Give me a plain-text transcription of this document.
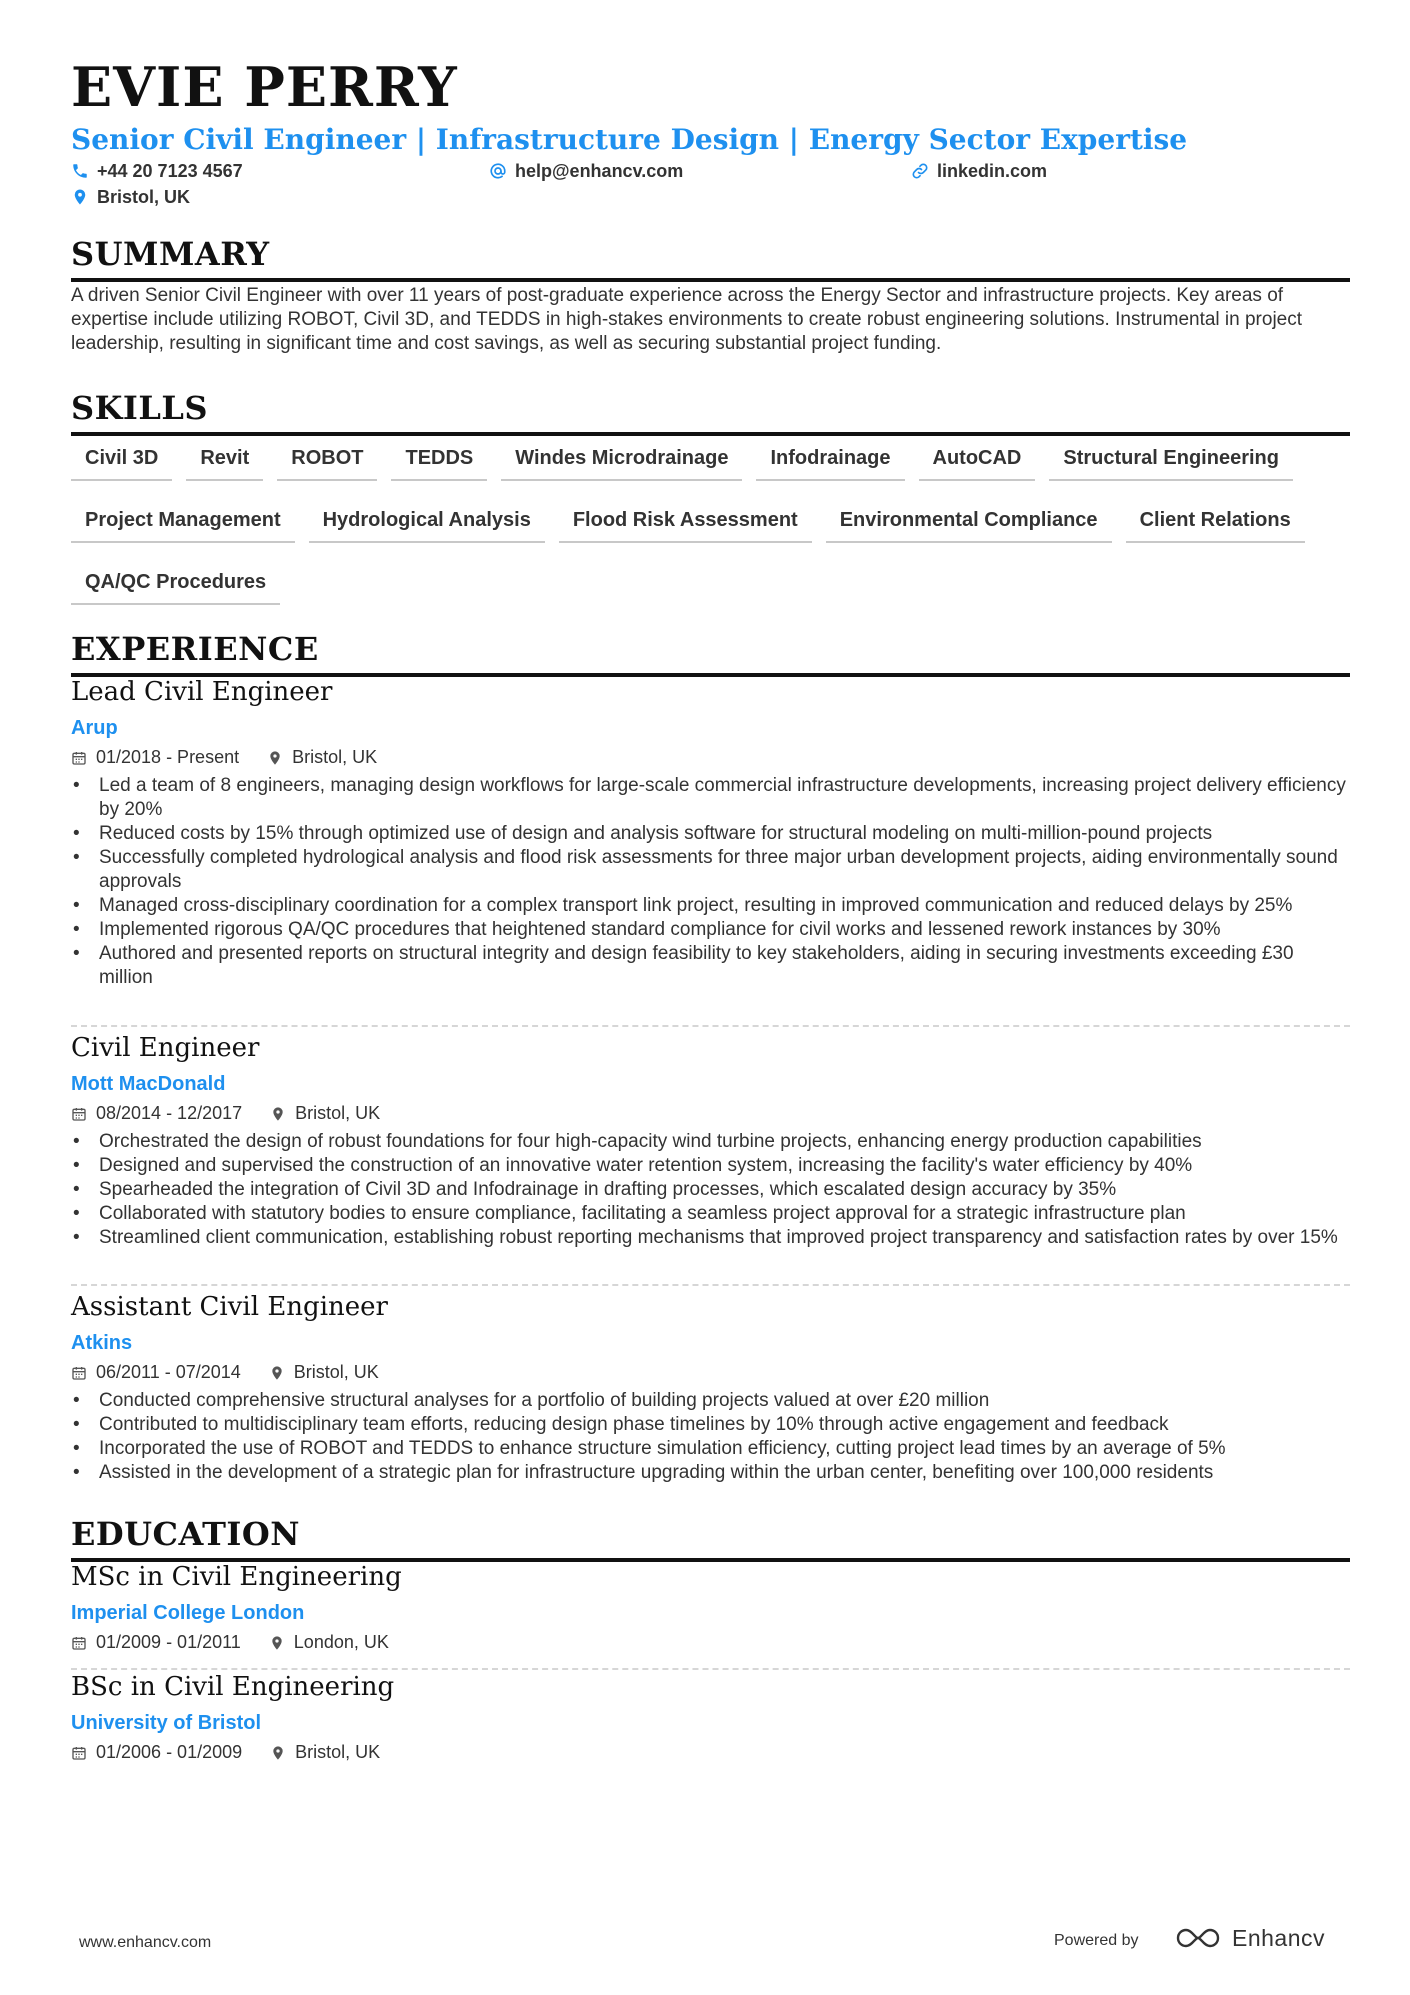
EVIE PERRY
Senior Civil Engineer | Infrastructure Design | Energy Sector Expertise
+44 20 7123 4567	help@enhancv.com	linkedin.com
Bristol, UK
SUMMARY

A driven Senior Civil Engineer with over 11 years of post-graduate experience across the Energy Sector and infrastructure projects. Key areas of expertise include utilizing ROBOT, Civil 3D, and TEDDS in high-stakes environments to create robust engineering solutions. Instrumental in project leadership, resulting in significant time and cost savings, as well as securing substantial project funding.

SKILLS
Civil 3D	Revit	ROBOT	TEDDS	Windes Microdrainage	Infodrainage	AutoCAD	Structural Engineering
Project Management	Hydrological Analysis	Flood Risk Assessment	Environmental Compliance	Client Relations
QA/QC Procedures
EXPERIENCE
Lead Civil Engineer
Arup
01/2018 - Present	Bristol, UK
• Led a team of 8 engineers, managing design workflows for large-scale commercial infrastructure developments, increasing project delivery efficiency by 20%
• Reduced costs by 15% through optimized use of design and analysis software for structural modeling on multi-million-pound projects
• Successfully completed hydrological analysis and flood risk assessments for three major urban development projects, aiding environmentally sound approvals
• Managed cross-disciplinary coordination for a complex transport link project, resulting in improved communication and reduced delays by 25%
• Implemented rigorous QA/QC procedures that heightened standard compliance for civil works and lessened rework instances by 30%
• Authored and presented reports on structural integrity and design feasibility to key stakeholders, aiding in securing investments exceeding £30 million
Civil Engineer
Mott MacDonald
08/2014 - 12/2017	Bristol, UK
• Orchestrated the design of robust foundations for four high-capacity wind turbine projects, enhancing energy production capabilities
• Designed and supervised the construction of an innovative water retention system, increasing the facility's water efficiency by 40%
• Spearheaded the integration of Civil 3D and Infodrainage in drafting processes, which escalated design accuracy by 35%
• Collaborated with statutory bodies to ensure compliance, facilitating a seamless project approval for a strategic infrastructure plan
• Streamlined client communication, establishing robust reporting mechanisms that improved project transparency and satisfaction rates by over 15%
Assistant Civil Engineer
Atkins
06/2011 - 07/2014	Bristol, UK
• Conducted comprehensive structural analyses for a portfolio of building projects valued at over £20 million
• Contributed to multidisciplinary team efforts, reducing design phase timelines by 10% through active engagement and feedback
• Incorporated the use of ROBOT and TEDDS to enhance structure simulation efficiency, cutting project lead times by an average of 5%
• Assisted in the development of a strategic plan for infrastructure upgrading within the urban center, benefiting over 100,000 residents
EDUCATION
MSc in Civil Engineering
Imperial College London
01/2009 - 01/2011	London, UK
BSc in Civil Engineering
University of Bristol
01/2006 - 01/2009	Bristol, UK
www.enhancv.com	Powered by	Enhancv
